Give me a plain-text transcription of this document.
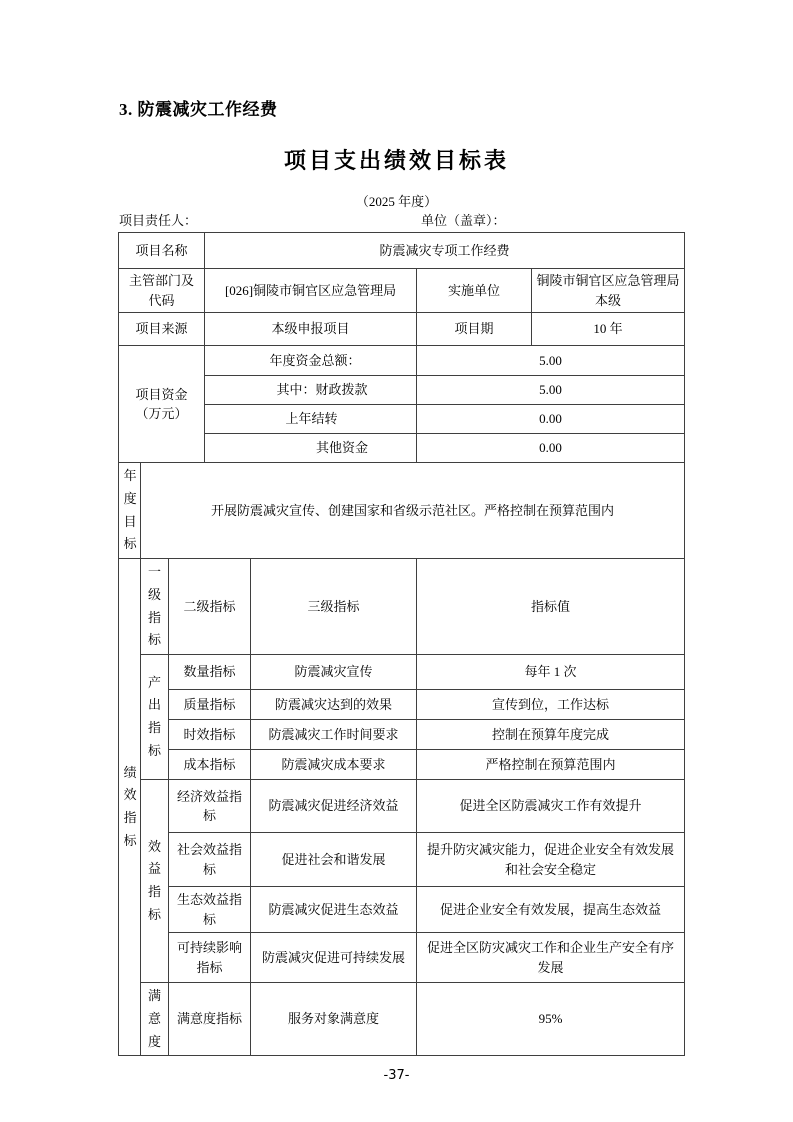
3. 防震减灾工作经费
项目支出绩效目标表
（2025 年度）
项目责任人：	单位（盖章）：
项目名称			防震减灾专项工作经费			
主管部门及代码			[026]铜陵市铜官区应急管理局		实施单位	铜陵市铜官区应急管理局本级
项目来源			本级申报项目		项目期	10 年
项目资金（万元）			年度资金总额：		5.00	
			其中：财政拨款		5.00	
			上年结转		0.00	
			其他资金		0.00	
年度目标	开展防震减灾宣传、创建国家和省级示范社区。严格控制在预算范围内					
绩效指标	一级指标	二级指标		三级指标	指标值	
	产出指标	数量指标		防震减灾宣传	每年 1 次	
		质量指标		防震减灾达到的效果	宣传到位，工作达标	
		时效指标		防震减灾工作时间要求	控制在预算年度完成	
		成本指标		防震减灾成本要求	严格控制在预算范围内	
	效益指标	经济效益指标		防震减灾促进经济效益	促进全区防震减灾工作有效提升	
		社会效益指标		促进社会和谐发展	提升防灾减灾能力，促进企业安全有效发展和社会安全稳定	
		生态效益指标		防震减灾促进生态效益	促进企业安全有效发展，提高生态效益	
		可持续影响指标		防震减灾促进可持续发展	促进全区防灾减灾工作和企业生产安全有序发展	
	满意度	满意度指标		服务对象满意度	95%	
-37-
